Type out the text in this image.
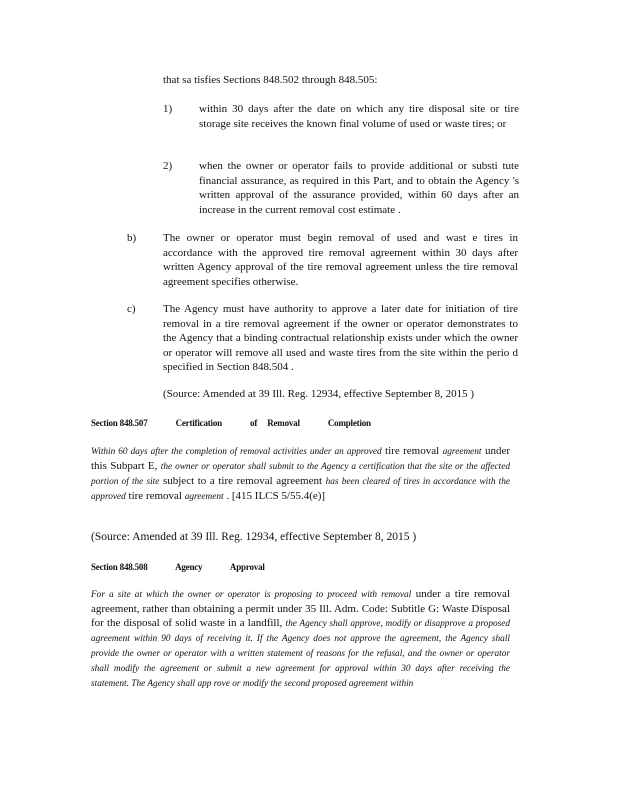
that sa tisfies Sections 848.502 through 848.505:
1) within 30 days after the date on which any tire disposal site or tire storage site receives the known final volume of used or waste tires; or
2) when the owner or operator fails to provide additional or substi tute financial assurance, as required in this Part, and to obtain the Agency 's written approval of the assurance provided, within 60 days after an increase in the current removal cost estimate .
b) The owner or operator must begin removal of used and wast e tires in accordance with the approved tire removal agreement within 30 days after written Agency approval of the tire removal agreement unless the tire removal agreement specifies otherwise.
c) The Agency must have authority to approve a later date for initiation of tire removal in a tire removal agreement if the owner or operator demonstrates to the Agency that a binding contractual relationship exists under which the owner or operator will remove all used and waste tires from the site within the perio d specified in Section 848.504 .
(Source: Amended at 39 Ill. Reg. 12934, effective September 8, 2015 )
Section 848.507	Certification	of Removal	Completion
Within 60 days after the completion of removal activities under an approved tire removal agreement under this Subpart E, the owner or operator shall submit to the Agency a certification that the site or the affected portion of the site subject to a tire removal agreement has been cleared of tires in accordance with the approved tire removal agreement . [415 ILCS 5/55.4(e)]
(Source: Amended at 39 Ill. Reg. 12934, effective September 8, 2015 )
Section 848.508	Agency	Approval
For a site at which the owner or operator is proposing to proceed with removal under a tire removal agreement, rather than obtaining a permit under 35 Ill. Adm. Code: Subtitle G: Waste Disposal for the disposal of solid waste in a landfill, the Agency shall approve, modify or disapprove a proposed agreement within 90 days of receiving it. If the Agency does not approve the agreement, the Agency shall provide the owner or operator with a written statement of reasons for the refusal, and the owner or operator shall modify the agreement or submit a new agreement for approval within 30 days after receiving the statement. The Agency shall app rove or modify the second proposed agreement within
